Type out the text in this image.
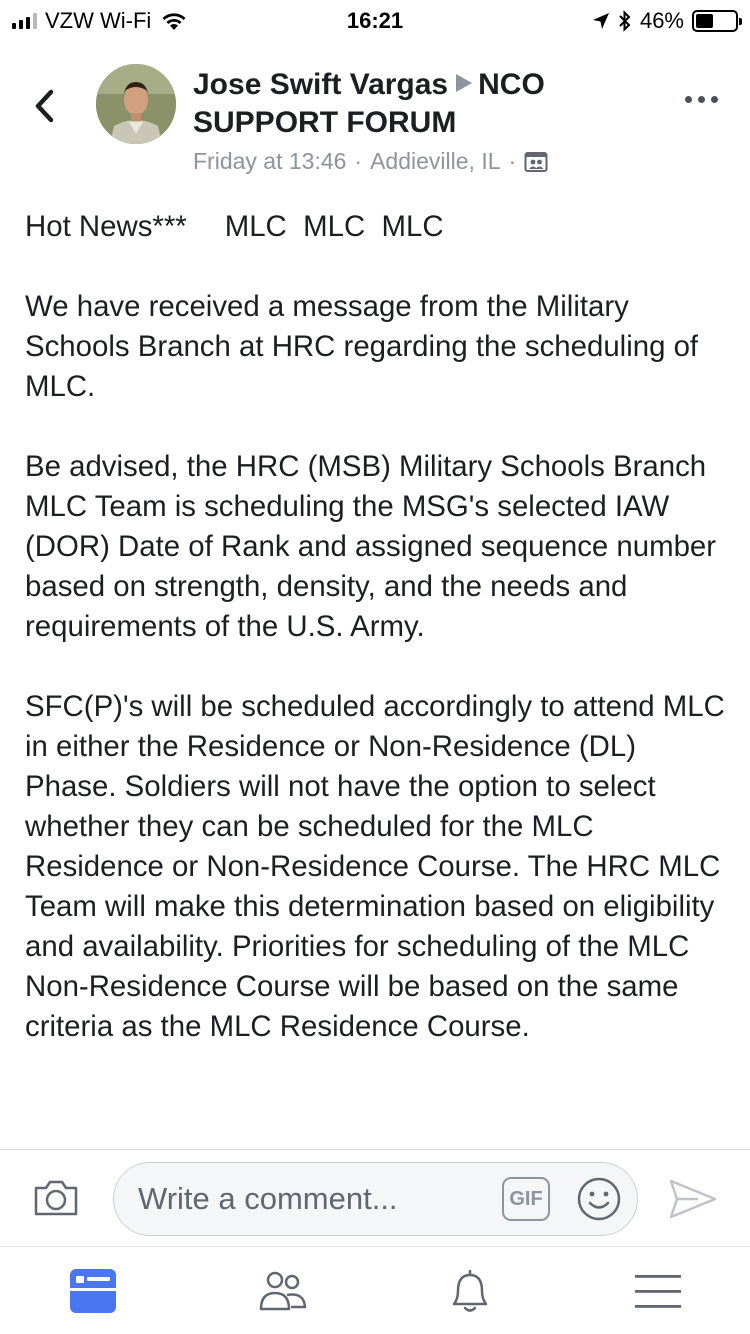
VZW Wi-Fi	16:21	46%
Jose Swift Vargas NCO
SUPPORT FORUM
Friday at 13:46 · Addieville, IL ·

Hot News*** MLC MLC MLC

We have received a message from the Military Schools Branch at HRC regarding the scheduling of MLC.

Be advised, the HRC (MSB) Military Schools Branch MLC Team is scheduling the MSG's selected IAW (DOR) Date of Rank and assigned sequence number based on strength, density, and the needs and requirements of the U.S. Army.

SFC(P)'s will be scheduled accordingly to attend MLC in either the Residence or Non-Residence (DL) Phase. Soldiers will not have the option to select whether they can be scheduled for the MLC Residence or Non-Residence Course. The HRC MLC Team will make this determination based on eligibility and availability. Priorities for scheduling of the MLC Non-Residence Course will be based on the same criteria as the MLC Residence Course.

Write a comment...	GIF
